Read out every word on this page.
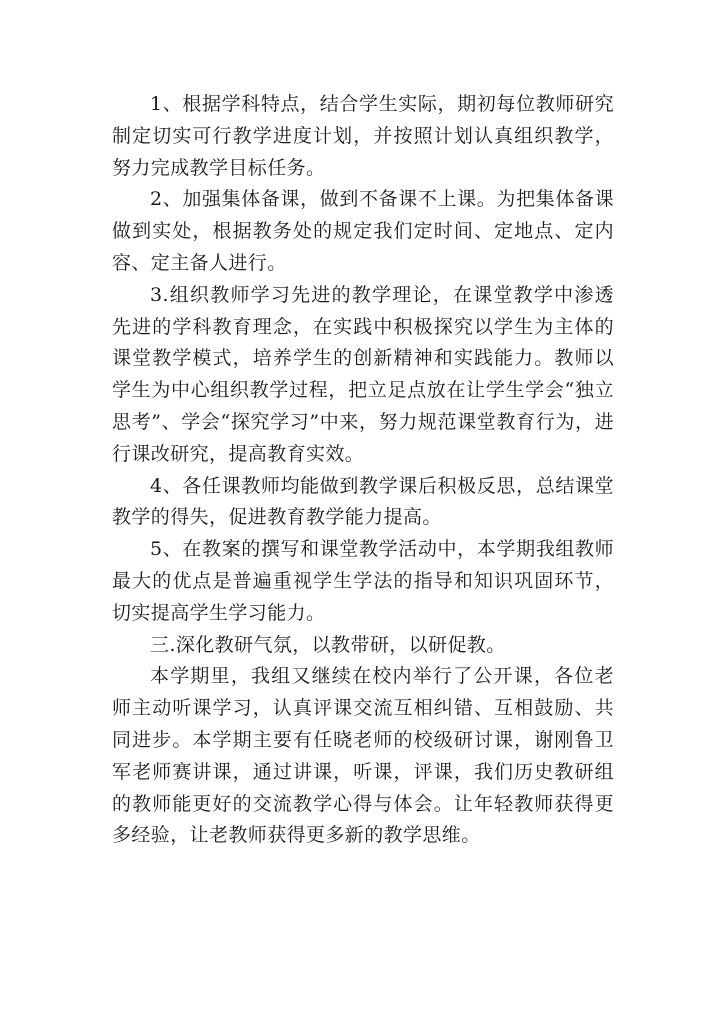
1、根据学科特点，结合学生实际，期初每位教师研究制定切实可行教学进度计划，并按照计划认真组织教学，努力完成教学目标任务。

2、加强集体备课，做到不备课不上课。为把集体备课做到实处，根据教务处的规定我们定时间、定地点、定内容、定主备人进行。

3.组织教师学习先进的教学理论，在课堂教学中渗透先进的学科教育理念，在实践中积极探究以学生为主体的课堂教学模式，培养学生的创新精神和实践能力。教师以学生为中心组织教学过程，把立足点放在让学生学会“独立思考”、学会“探究学习”中来，努力规范课堂教育行为，进行课改研究，提高教育实效。

4、各任课教师均能做到教学课后积极反思，总结课堂教学的得失，促进教育教学能力提高。

5、在教案的撰写和课堂教学活动中，本学期我组教师最大的优点是普遍重视学生学法的指导和知识巩固环节，切实提高学生学习能力。

三.深化教研气氛，以教带研，以研促教。

本学期里，我组又继续在校内举行了公开课，各位老师主动听课学习，认真评课交流互相纠错、互相鼓励、共同进步。本学期主要有任晓老师的校级研讨课，谢刚鲁卫军老师赛讲课，通过讲课，听课，评课，我们历史教研组的教师能更好的交流教学心得与体会。让年轻教师获得更多经验，让老教师获得更多新的教学思维。
